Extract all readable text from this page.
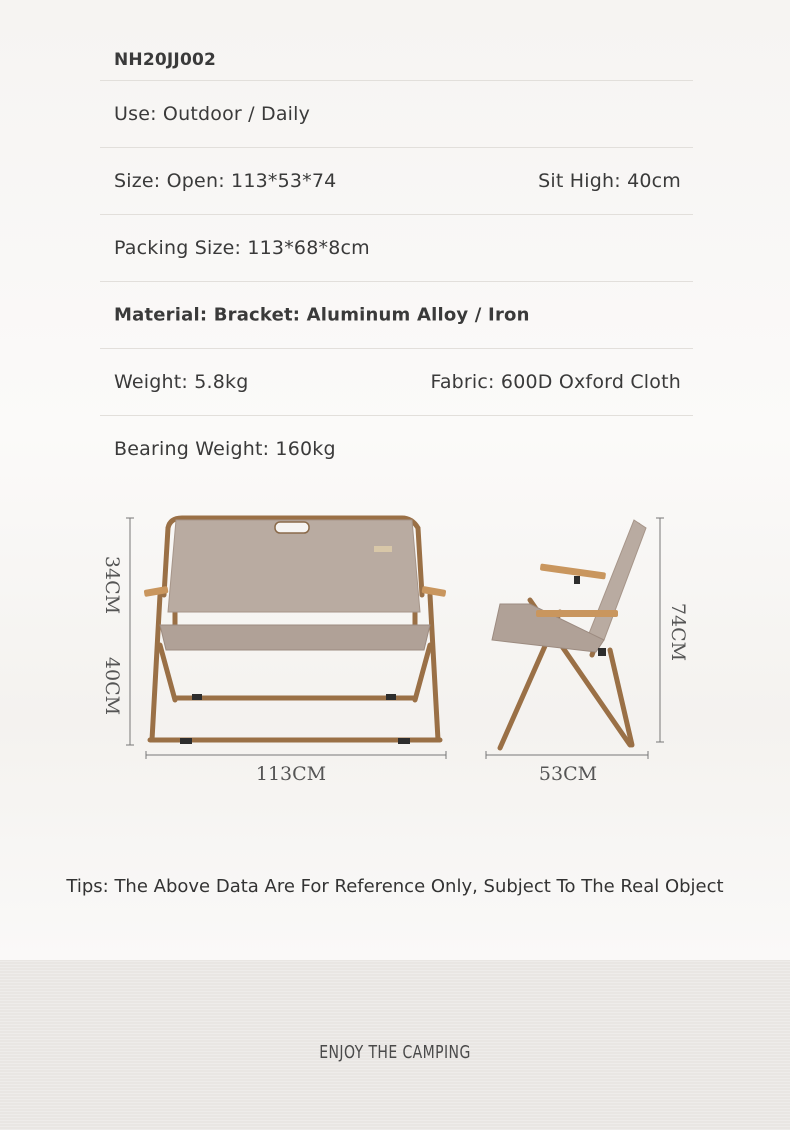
NH20JJ002
Use: Outdoor / Daily
Size: Open: 113*53*74	Sit High: 40cm
Packing Size: 113*68*8cm
Material: Bracket: Aluminum Alloy / Iron
Weight: 5.8kg	Fabric: 600D Oxford Cloth
Bearing Weight: 160kg
34CM
40CM
113CM
74CM
53CM
Tips: The Above Data Are For Reference Only, Subject To The Real Object
ENJOY THE CAMPING
